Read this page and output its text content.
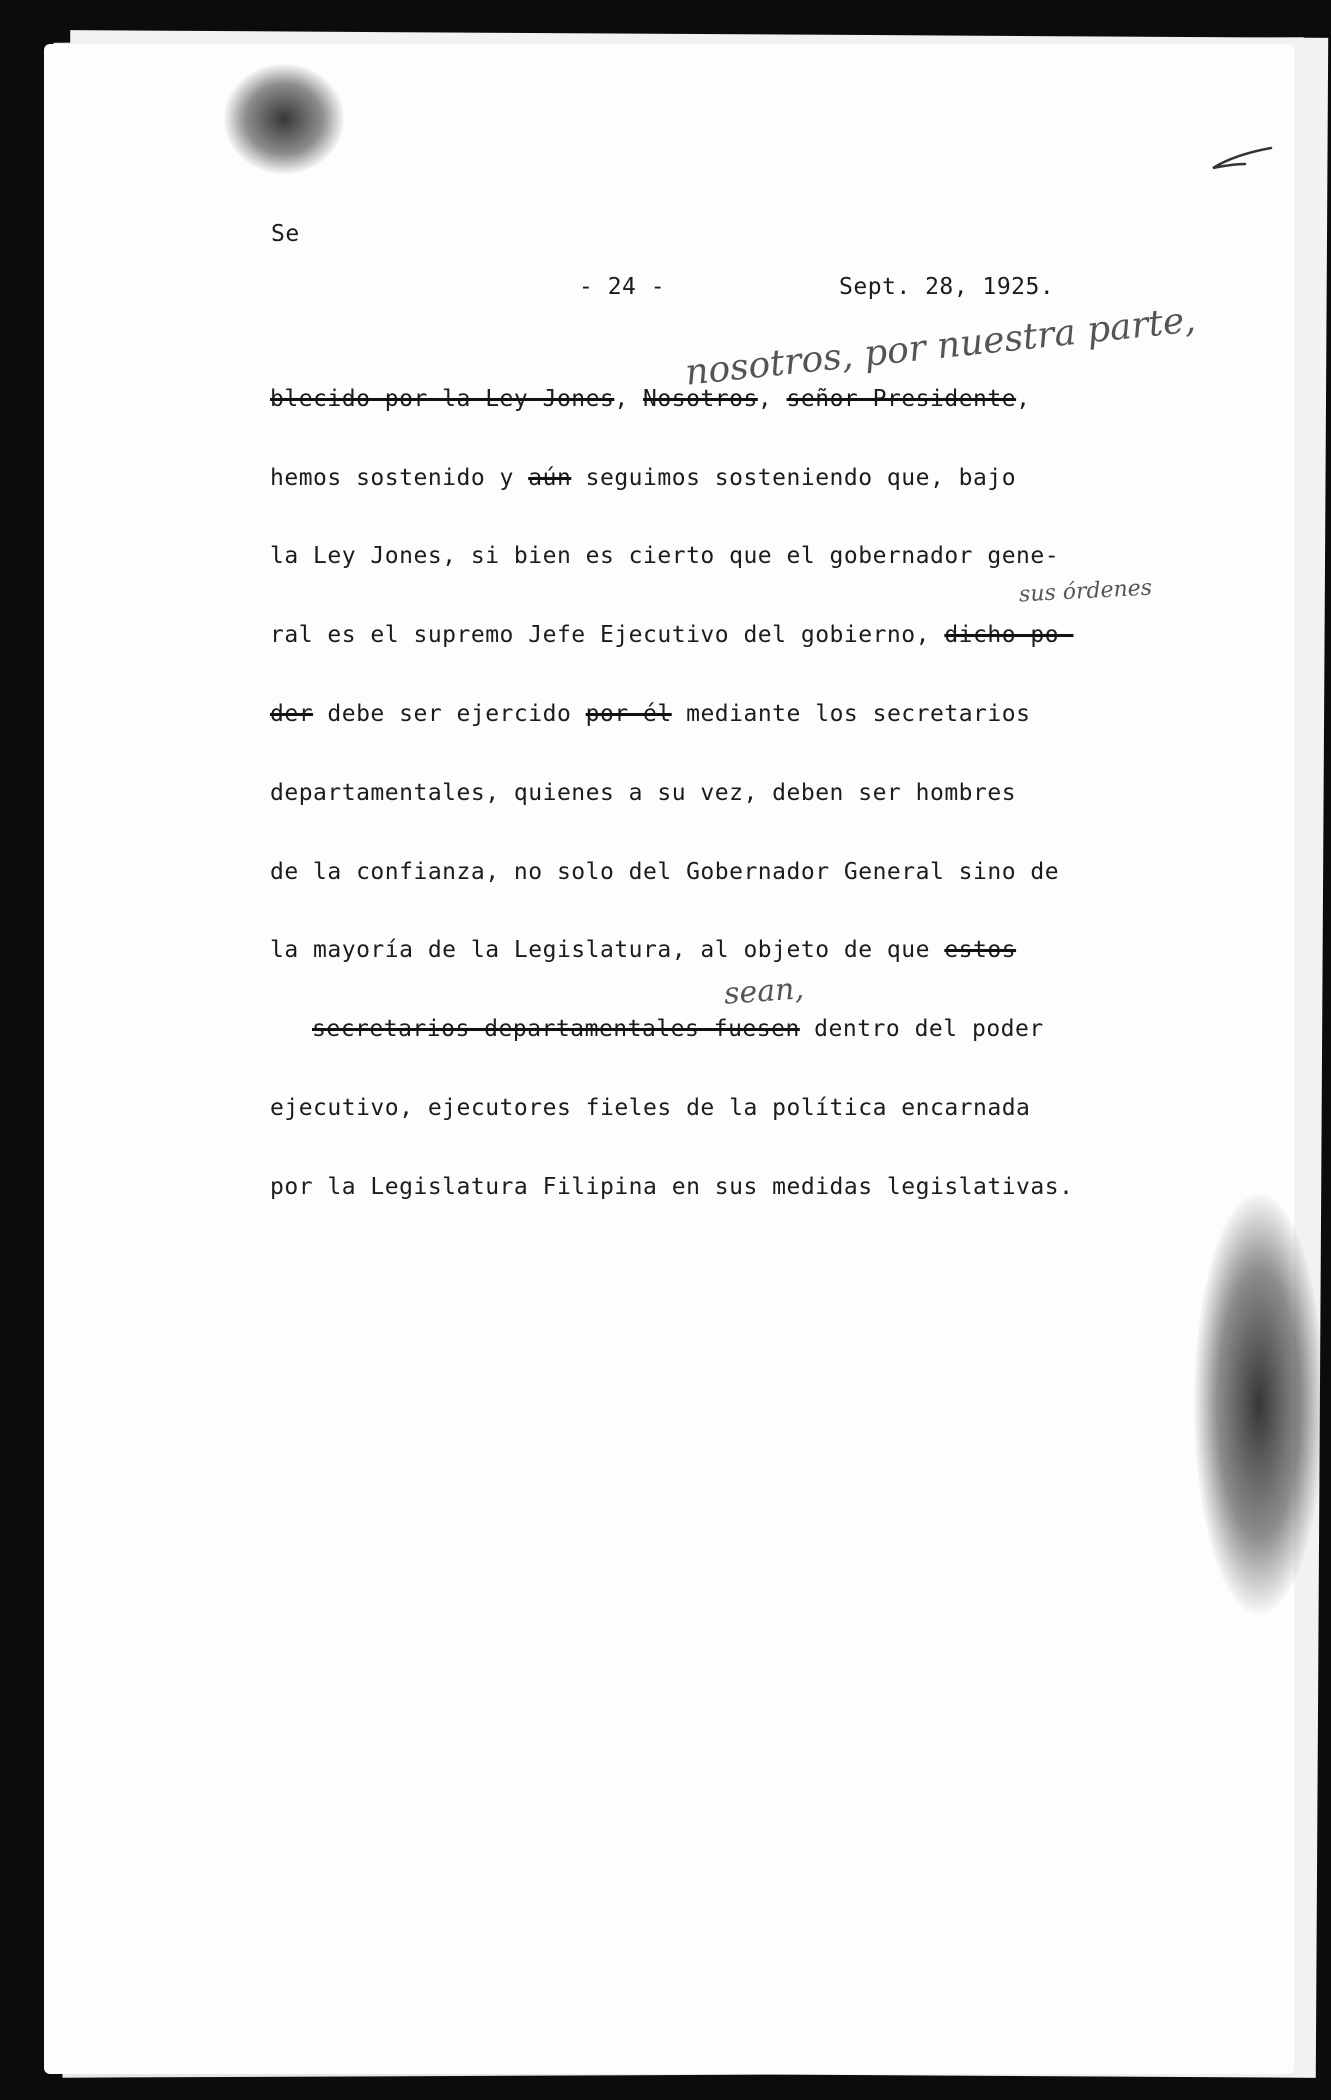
Se
- 24 -	Sept. 28, 1925.
nosotros, por nuestra parte,
sus órdenes
sean,
blecido por la Ley Jones, Nosotros, señor Presidente,
hemos sostenido y aún seguimos sosteniendo que, bajo
la Ley Jones, si bien es cierto que el gobernador gene-
ral es el supremo Jefe Ejecutivo del gobierno, dicho po-
der debe ser ejercido por él mediante los secretarios
departamentales, quienes a su vez, deben ser hombres
de la confianza, no solo del Gobernador General sino de
la mayoría de la Legislatura, al objeto de que estos
secretarios departamentales fuesen dentro del poder
ejecutivo, ejecutores fieles de la política encarnada
por la Legislatura Filipina en sus medidas legislativas.
